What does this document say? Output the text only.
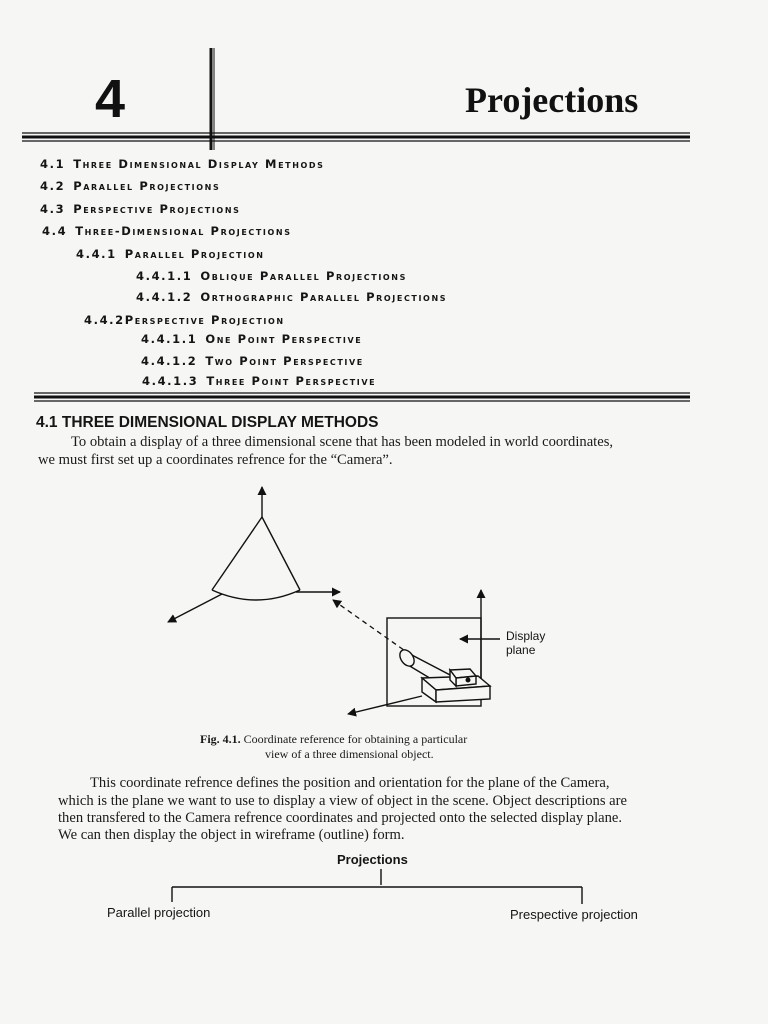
4	Projections
4.1 Three Dimensional Display Methods
4.2 Parallel Projections
4.3 Perspective Projections
4.4 Three-Dimensional Projections
4.4.1 Parallel Projection
4.4.1.1 Oblique Parallel Projections
4.4.1.2 Orthographic Parallel Projections
4.4.2Perspective Projection
4.4.1.1 One Point Perspective
4.4.1.2 Two Point Perspective
4.4.1.3 Three Point Perspective
4.1 THREE DIMENSIONAL DISPLAY METHODS
To obtain a display of a three dimensional scene that has been modeled in world coordinates,
we must first set up a coordinates refrence for the “Camera”.
Display
plane
Fig. 4.1. Coordinate reference for obtaining a particular
view of a three dimensional object.
This coordinate refrence defines the position and orientation for the plane of the Camera,
which is the plane we want to use to display a view of object in the scene. Object descriptions are
then transfered to the Camera refrence coordinates and projected onto the selected display plane.
We can then display the object in wireframe (outline) form.
Projections
Parallel projection	Prespective projection
